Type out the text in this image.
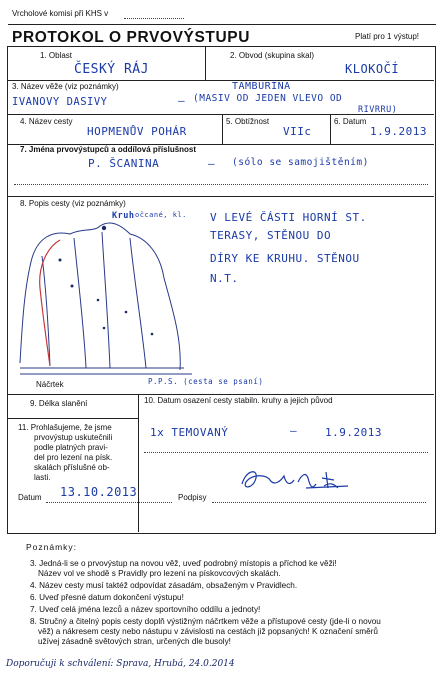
Vrcholové komisi při KHS v
PROTOKOL O PRVOVÝSTUPU	Platí pro 1 výstup!
1. Oblast
ČESKÝ RÁJ
2. Obvod (skupina skal)
KLOKOČÍ
3. Název věže (viz poznámky)	TAMBURÍNA
IVANOVY DASIVY	– (MASIV OD JEDEN VLEVO OD
RIVRRU)
4. Název cesty
HOPMENŮV POHÁR
5. Obtížnost
VIIc
6. Datum
1.9.2013
7. Jména prvovýstupců a oddílová příslušnost
P. ŠCANINA	– (sólo se samojištěním)
8. Popis cesty (viz poznámky)
Kruh očcané, kl. V LEVÉ ČÁSTI HORNÍ ST.
TERASY, STĚNOU DO
DÍRY KE KRUHU. STĚNOU
N.T.
Náčrtek	P.P.S. (cesta se psaní)
9. Délka slanění	10. Datum osazení cesty stabiln. kruhy a jejich původ
1x TEMOVANÝ	–	1.9.2013
11. Prohlašujeme, že jsme
prvovýstup uskutečnili
podle platných pravi-
del pro lezení na písk.
skalách příslušné ob-
lasti.
Datum 13.10.2013	Podpisy
Poznámky:
3. Jedná-li se o prvovýstup na novou věž, uveď podrobný místopis a příchod ke věži!
Název vol ve shodě s Pravidly pro lezení na pískovcových skalách.
4. Název cesty musí taktéž odpovídat zásadám, obsaženým v Pravidlech.
6. Uveď přesné datum dokončení výstupu!
7. Uveď celá jména lezců a název sportovního oddílu a jednoty!
8. Stručný a čitelný popis cesty doplň výstižným náčrtkem věže a přístupové cesty (jde-li o novou
věž) a nákresem cesty nebo nástupu v závislosti na cestách již popsaných! K označení směrů
užívej zásadně světových stran, určených dle busoly!
Doporučuji k schválení: Sprava, Hrubá, 24.0.2014
